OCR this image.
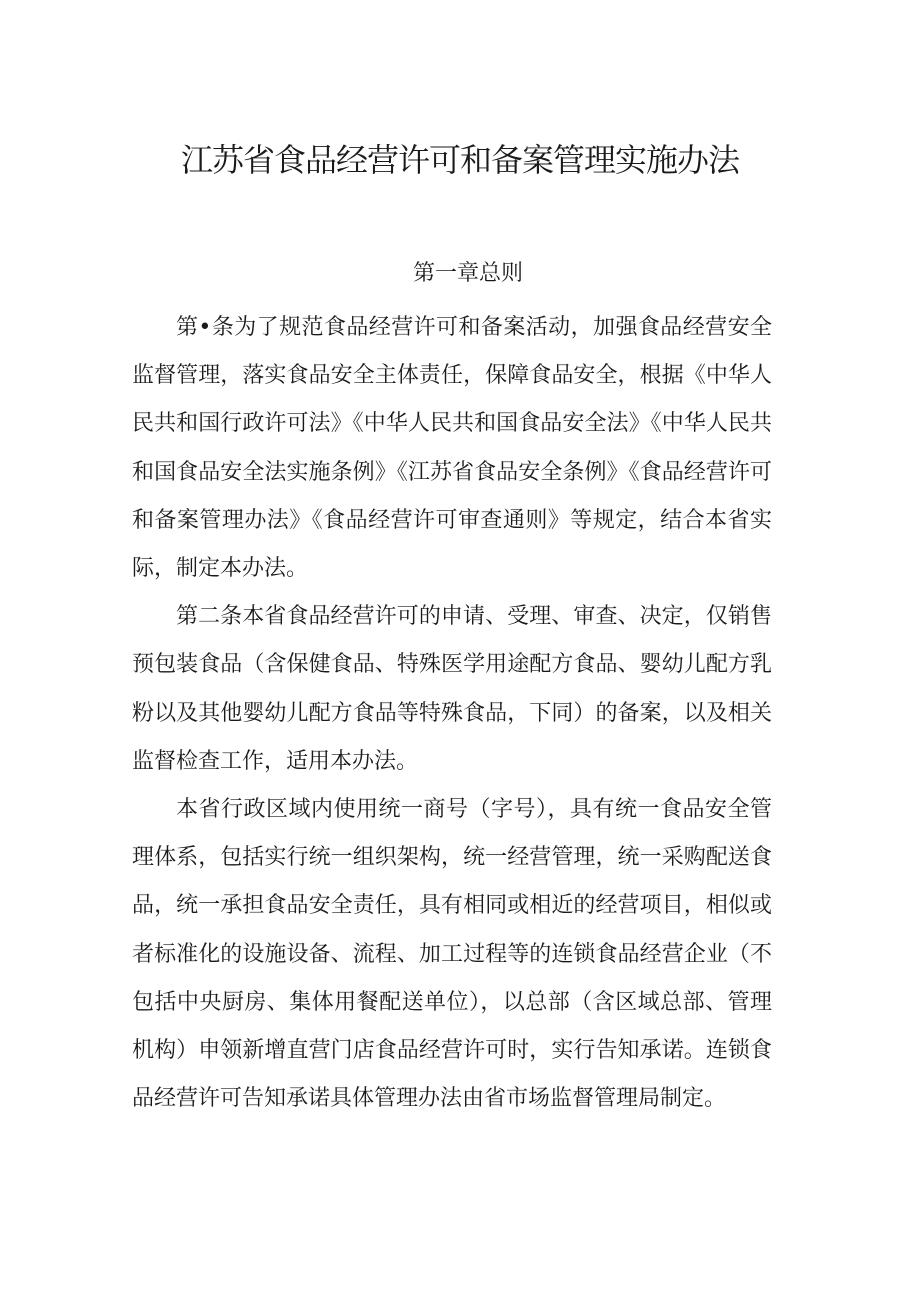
江苏省食品经营许可和备案管理实施办法
第一章总则

第•条为了规范食品经营许可和备案活动，加强食品经营安全监督管理，落实食品安全主体责任，保障食品安全，根据《中华人民共和国行政许可法》《中华人民共和国食品安全法》《中华人民共和国食品安全法实施条例》《江苏省食品安全条例》《食品经营许可和备案管理办法》《食品经营许可审查通则》等规定，结合本省实际，制定本办法。

第二条本省食品经营许可的申请、受理、审查、决定，仅销售预包装食品（含保健食品、特殊医学用途配方食品、婴幼儿配方乳粉以及其他婴幼儿配方食品等特殊食品，下同）的备案，以及相关监督检查工作，适用本办法。

本省行政区域内使用统一商号（字号），具有统一食品安全管理体系，包括实行统一组织架构，统一经营管理，统一采购配送食品，统一承担食品安全责任，具有相同或相近的经营项目，相似或者标准化的设施设备、流程、加工过程等的连锁食品经营企业（不包括中央厨房、集体用餐配送单位），以总部（含区域总部、管理机构）申领新增直营门店食品经营许可时，实行告知承诺。连锁食品经营许可告知承诺具体管理办法由省市场监督管理局制定。
